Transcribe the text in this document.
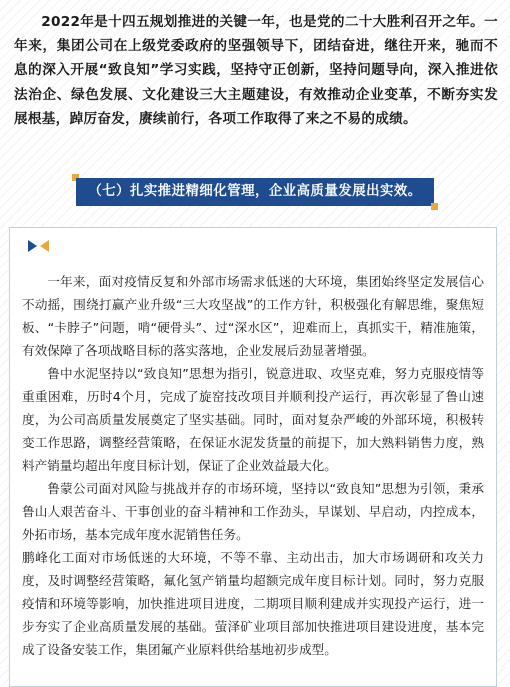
2022年是十四五规划推进的关键一年，也是党的二十大胜利召开之年。一年来，集团公司在上级党委政府的坚强领导下，团结奋进，继往开来，驰而不息的深入开展“致良知”学习实践，坚持守正创新，坚持问题导向，深入推进依法治企、绿色发展、文化建设三大主题建设，有效推动企业变革，不断夯实发展根基，踔厉奋发，赓续前行，各项工作取得了来之不易的成绩。

（七）扎实推进精细化管理，企业高质量发展出实效。

一年来，面对疫情反复和外部市场需求低迷的大环境，集团始终坚定发展信心不动摇，围绕打赢产业升级“三大攻坚战”的工作方针，积极强化有解思维，聚焦短板、“卡脖子”问题，啃“硬骨头”、过“深水区”，迎难而上，真抓实干，精准施策，有效保障了各项战略目标的落实落地，企业发展后劲显著增强。

鲁中水泥坚持以“致良知”思想为指引，锐意进取、攻坚克难，努力克服疫情等重重困难，历时4个月，完成了旋窑技改项目并顺利投产运行，再次彰显了鲁山速度，为公司高质量发展奠定了坚实基础。同时，面对复杂严峻的外部环境，积极转变工作思路，调整经营策略，在保证水泥发货量的前提下，加大熟料销售力度，熟料产销量均超出年度目标计划，保证了企业效益最大化。

鲁蒙公司面对风险与挑战并存的市场环境，坚持以“致良知”思想为引领，秉承鲁山人艰苦奋斗、干事创业的奋斗精神和工作劲头，早谋划、早启动，内控成本，外拓市场，基本完成年度水泥销售任务。

鹏峰化工面对市场低迷的大环境，不等不靠、主动出击，加大市场调研和攻关力度，及时调整经营策略，氟化氢产销量均超额完成年度目标计划。同时，努力克服疫情和环境等影响，加快推进项目进度，二期项目顺利建成并实现投产运行，进一步夯实了企业高质量发展的基础。萤泽矿业项目部加快推进项目建设进度，基本完成了设备安装工作，集团氟产业原料供给基地初步成型。
